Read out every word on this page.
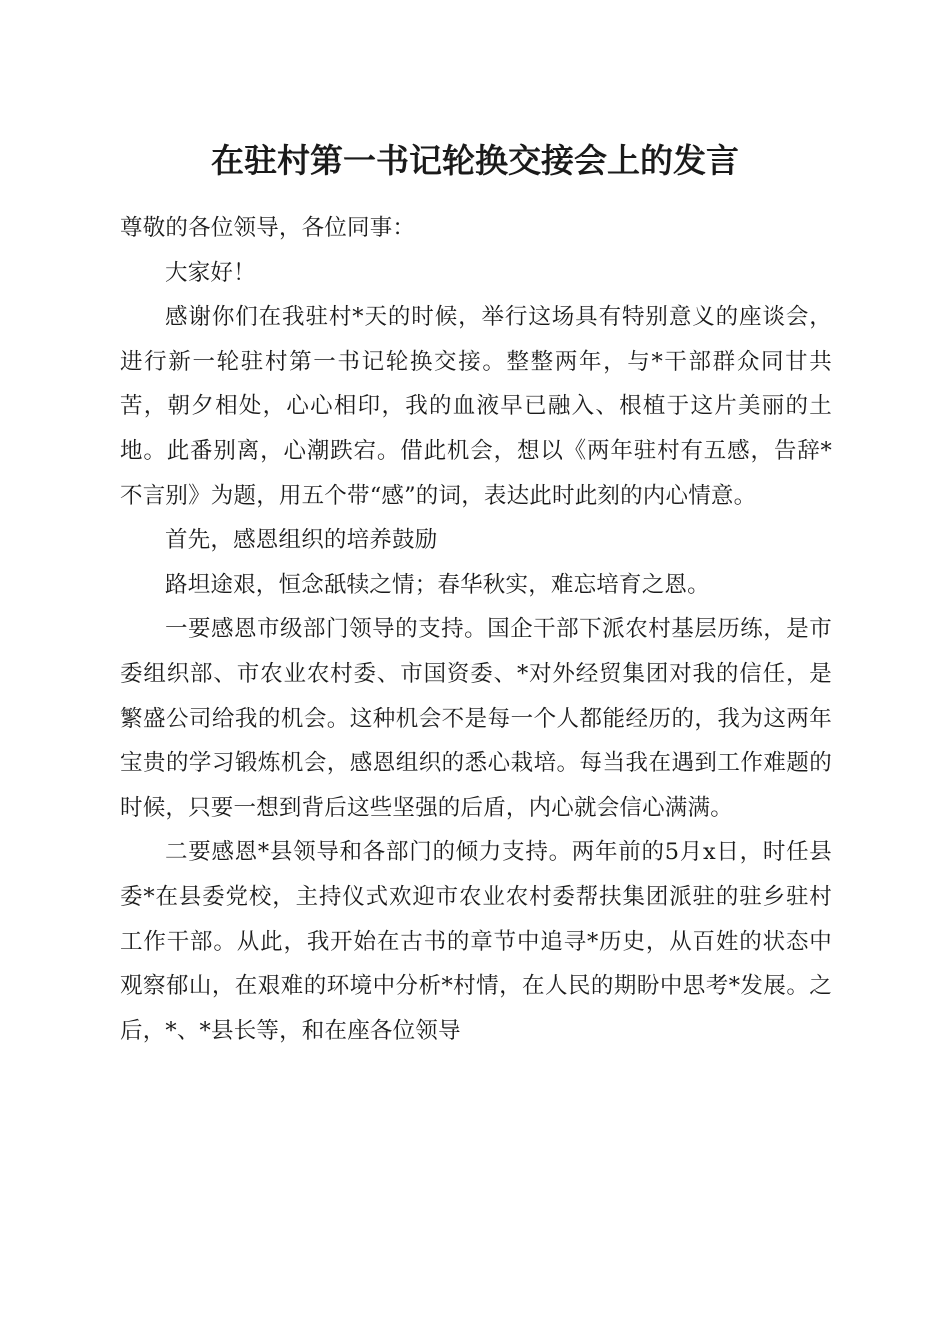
在驻村第一书记轮换交接会上的发言

尊敬的各位领导，各位同事：

大家好！

感谢你们在我驻村*天的时候，举行这场具有特别意义的座谈会，进行新一轮驻村第一书记轮换交接。整整两年，与*干部群众同甘共苦，朝夕相处，心心相印，我的血液早已融入、根植于这片美丽的土地。此番别离，心潮跌宕。借此机会，想以《两年驻村有五感，告辞*不言别》为题，用五个带“感”的词，表达此时此刻的内心情意。

首先，感恩组织的培养鼓励

路坦途艰，恒念舐犊之情；春华秋实，难忘培育之恩。

一要感恩市级部门领导的支持。国企干部下派农村基层历练，是市委组织部、市农业农村委、市国资委、*对外经贸集团对我的信任，是繁盛公司给我的机会。这种机会不是每一个人都能经历的，我为这两年宝贵的学习锻炼机会，感恩组织的悉心栽培。每当我在遇到工作难题的时候，只要一想到背后这些坚强的后盾，内心就会信心满满。

二要感恩*县领导和各部门的倾力支持。两年前的5月x日，时任县委*在县委党校，主持仪式欢迎市农业农村委帮扶集团派驻的驻乡驻村工作干部。从此，我开始在古书的章节中追寻*历史，从百姓的状态中观察郁山，在艰难的环境中分析*村情，在人民的期盼中思考*发展。之后，*、*县长等，和在座各位领导
